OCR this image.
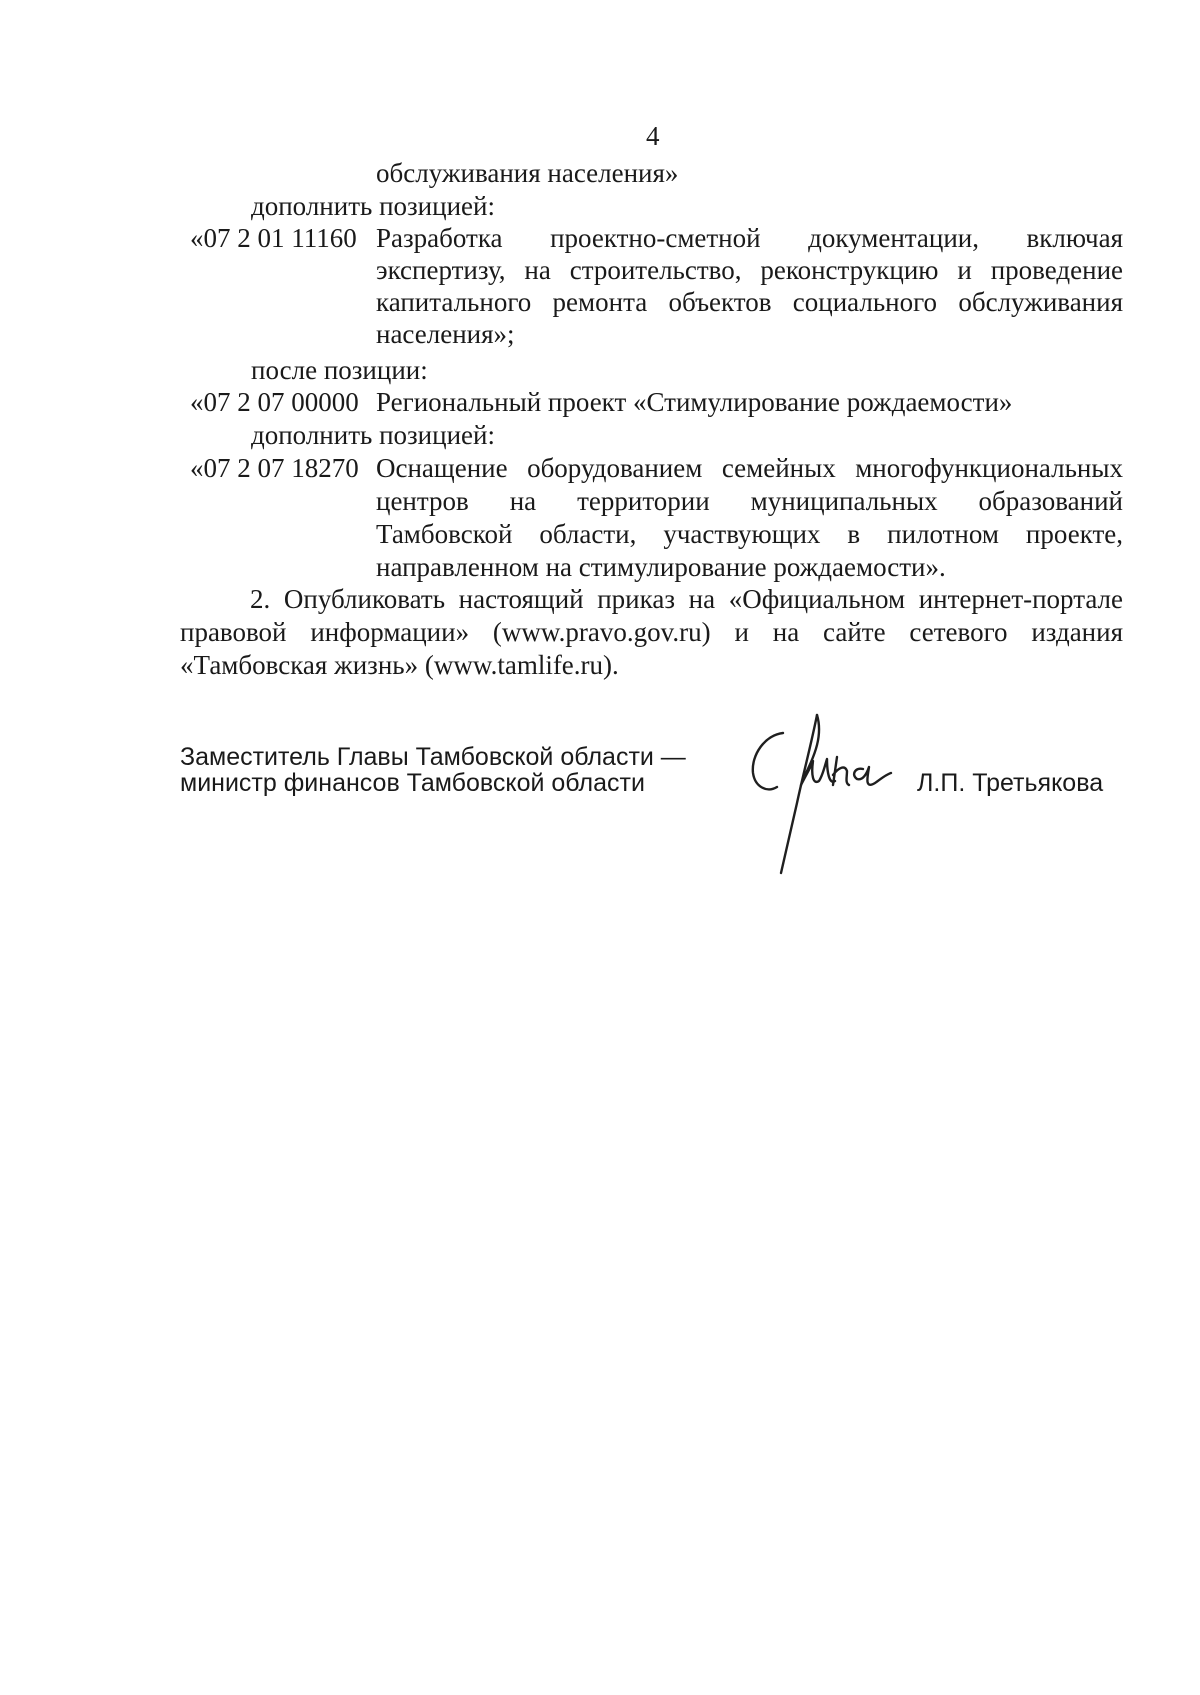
4
обслуживания населения»
дополнить позицией:
«07 2 01 11160 Разработка проектно-сметной документации, включая
экспертизу, на строительство, реконструкцию и проведение
капитального ремонта объектов социального обслуживания
населения»;
после позиции:
«07 2 07 00000 Региональный проект «Стимулирование рождаемости»
дополнить позицией:
«07 2 07 18270 Оснащение оборудованием семейных многофункциональных
центров на территории муниципальных образований
Тамбовской области, участвующих в пилотном проекте,
направленном на стимулирование рождаемости».
2. Опубликовать настоящий приказ на «Официальном интернет-портале правовой информации» (www.pravo.gov.ru) и на сайте сетевого издания «Тамбовская жизнь» (www.tamlife.ru).
Заместитель Главы Тамбовской области —
министр финансов Тамбовской области	Л.П. Третьякова
